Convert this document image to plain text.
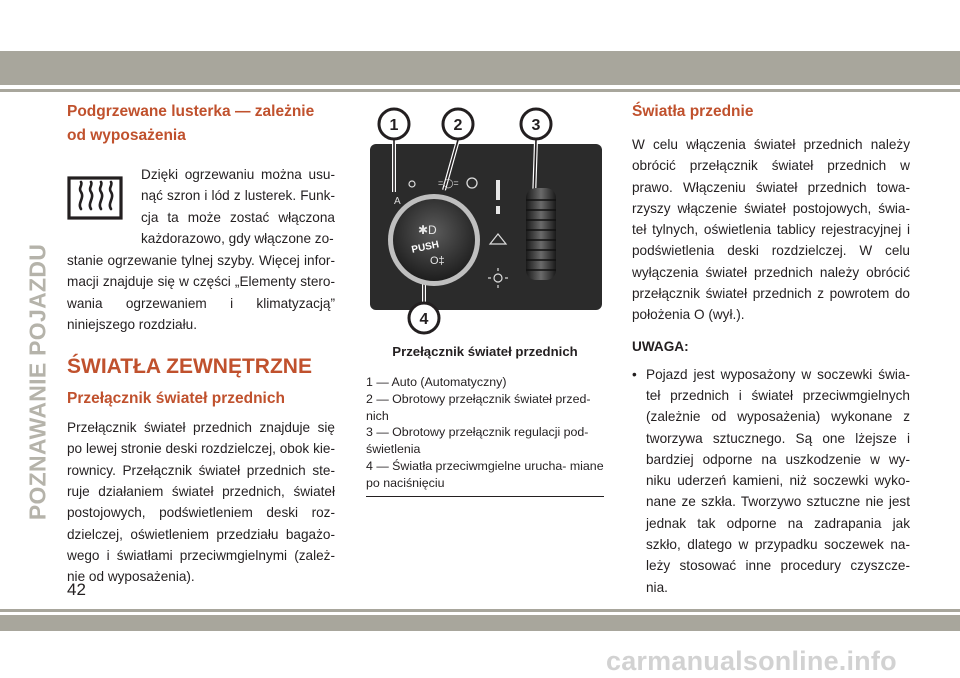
POZNAWANIE POJAZDU
Podgrzewane lusterka — zależnie od wyposażenia
Dzięki ogrzewaniu można usu- nąć szron i lód z lusterek. Funk- cja ta może zostać włączona każdorazowo, gdy włączone zo-
stanie ogrzewanie tylnej szyby. Więcej infor- macji znajduje się w części „Elementy stero- wania ogrzewaniem i klimatyzacją” niniejszego rozdziału.
ŚWIATŁA ZEWNĘTRZNE
Przełącznik świateł przednich
Przełącznik świateł przednich znajduje się po lewej stronie deski rozdzielczej, obok kie- rownicy. Przełącznik świateł przednich ste- ruje działaniem świateł przednich, świateł postojowych, podświetleniem deski roz- dzielczej, oświetleniem przedziału bagażo- wego i światłami przeciwmgielnymi (zależ- nie od wyposażenia).
A
=◯=
✱D
PUSH
O‡
1	2	3
4
Przełącznik świateł przednich
1 — Auto (Automatyczny)
2 — Obrotowy przełącznik świateł przed- nich
3 — Obrotowy przełącznik regulacji pod- świetlenia
4 — Światła przeciwmgielne urucha- miane po naciśnięciu
Światła przednie
W celu włączenia świateł przednich należy obrócić przełącznik świateł przednich w prawo. Włączeniu świateł przednich towa- rzyszy włączenie świateł postojowych, świa- teł tylnych, oświetlenia tablicy rejestracyjnej i podświetlenia deski rozdzielczej. W celu wyłączenia świateł przednich należy obrócić przełącznik świateł przednich z powrotem do położenia O (wył.).
UWAGA:
• Pojazd jest wyposażony w soczewki świa- teł przednich i świateł przeciwmgielnych (zależnie od wyposażenia) wykonane z tworzywa sztucznego. Są one lżejsze i bardziej odporne na uszkodzenie w wy- niku uderzeń kamieni, niż soczewki wyko- nane ze szkła. Tworzywo sztuczne nie jest jednak tak odporne na zadrapania jak szkło, dlatego w przypadku soczewek na- leży stosować inne procedury czyszcze- nia.
42
carmanualsonline.info
